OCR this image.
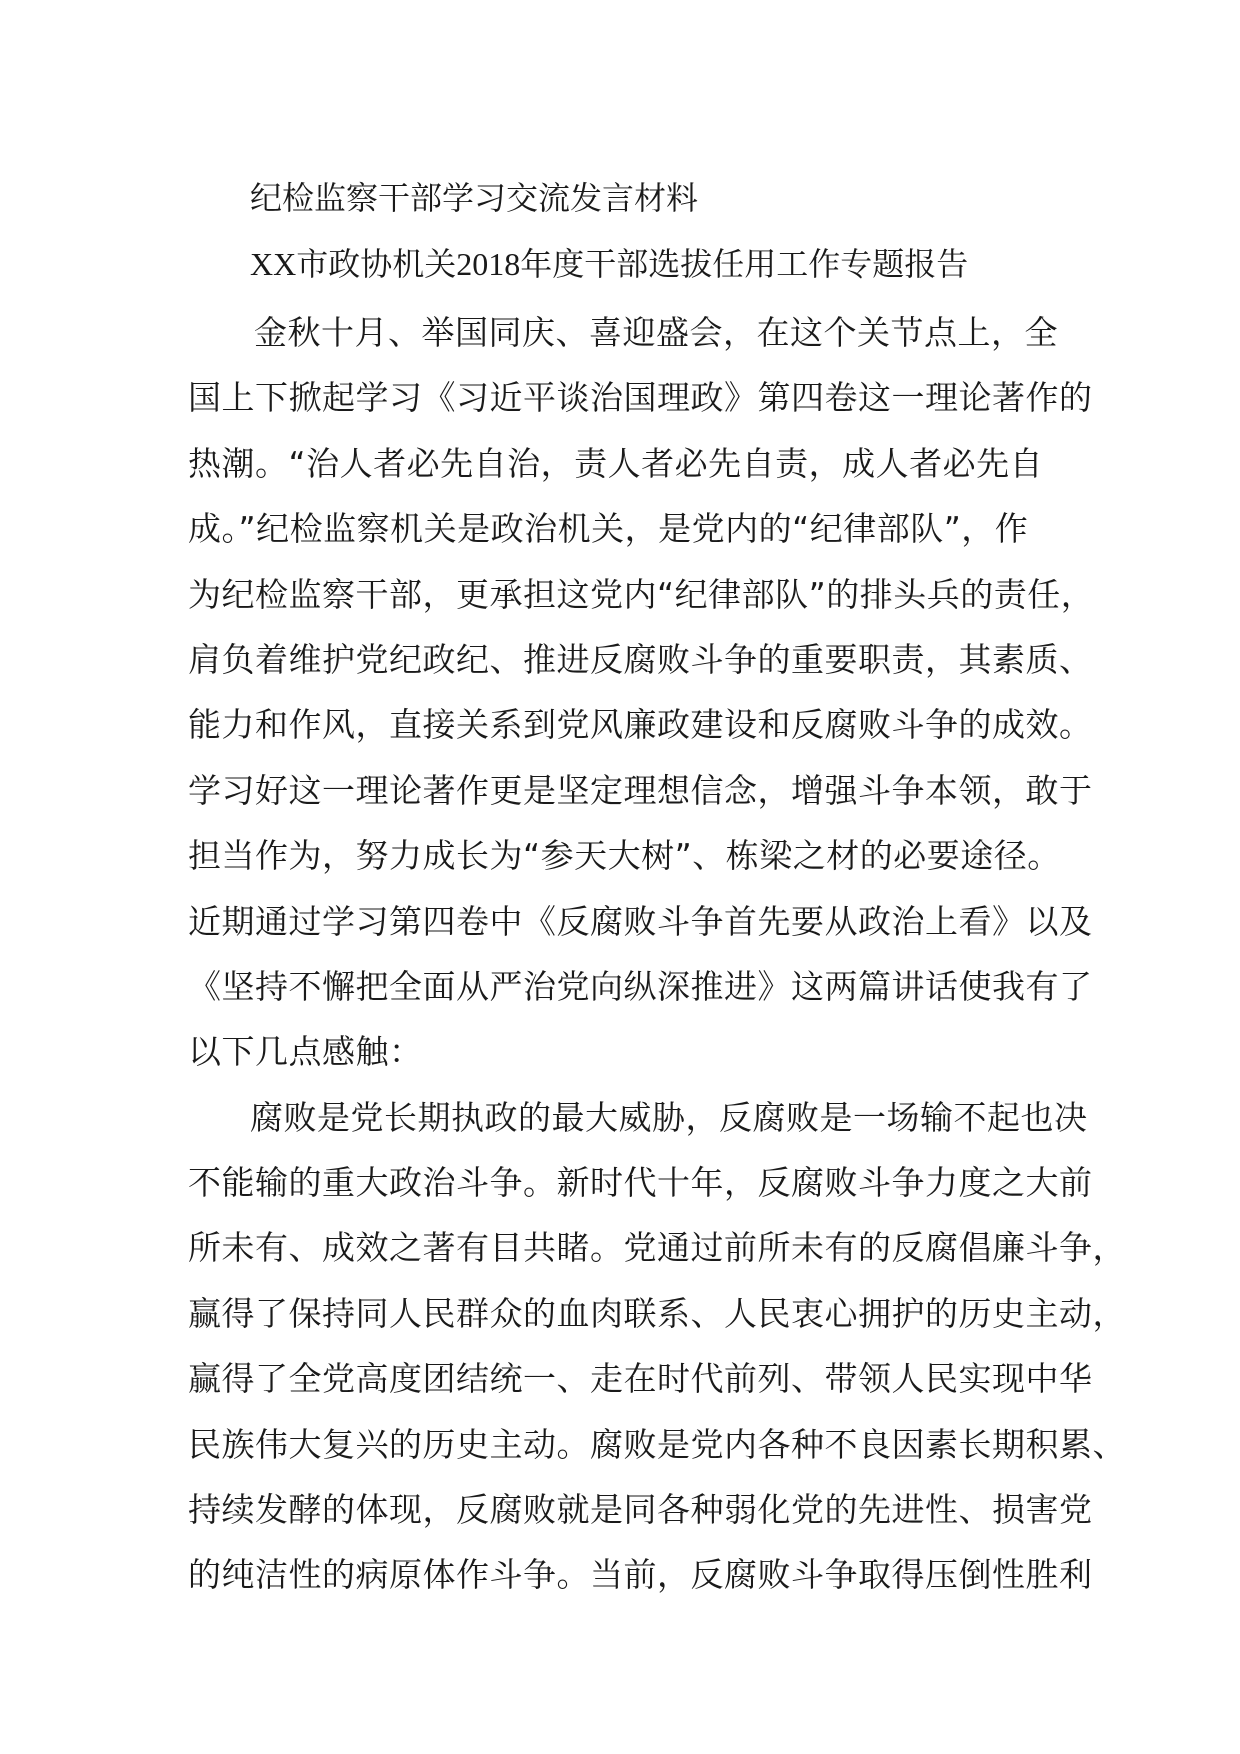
纪检监察干部学习交流发言材料
XX市政协机关2018年度干部选拔任用工作专题报告
金秋十月、举国同庆、喜迎盛会，在这个关节点上，全
国上下掀起学习《习近平谈治国理政》第四卷这一理论著作的
热潮。“治人者必先自治，责人者必先自责，成人者必先自
成。”纪检监察机关是政治机关，是党内的“纪律部队”，作
为纪检监察干部，更承担这党内“纪律部队”的排头兵的责任，
肩负着维护党纪政纪、推进反腐败斗争的重要职责，其素质、
能力和作风，直接关系到党风廉政建设和反腐败斗争的成效。
学习好这一理论著作更是坚定理想信念，增强斗争本领，敢于
担当作为，努力成长为“参天大树”、栋梁之材的必要途径。
近期通过学习第四卷中《反腐败斗争首先要从政治上看》以及
《坚持不懈把全面从严治党向纵深推进》这两篇讲话使我有了
以下几点感触：
腐败是党长期执政的最大威胁，反腐败是一场输不起也决
不能输的重大政治斗争。新时代十年，反腐败斗争力度之大前
所未有、成效之著有目共睹。党通过前所未有的反腐倡廉斗争，
赢得了保持同人民群众的血肉联系、人民衷心拥护的历史主动，
赢得了全党高度团结统一、走在时代前列、带领人民实现中华
民族伟大复兴的历史主动。腐败是党内各种不良因素长期积累、
持续发酵的体现，反腐败就是同各种弱化党的先进性、损害党
的纯洁性的病原体作斗争。当前，反腐败斗争取得压倒性胜利
